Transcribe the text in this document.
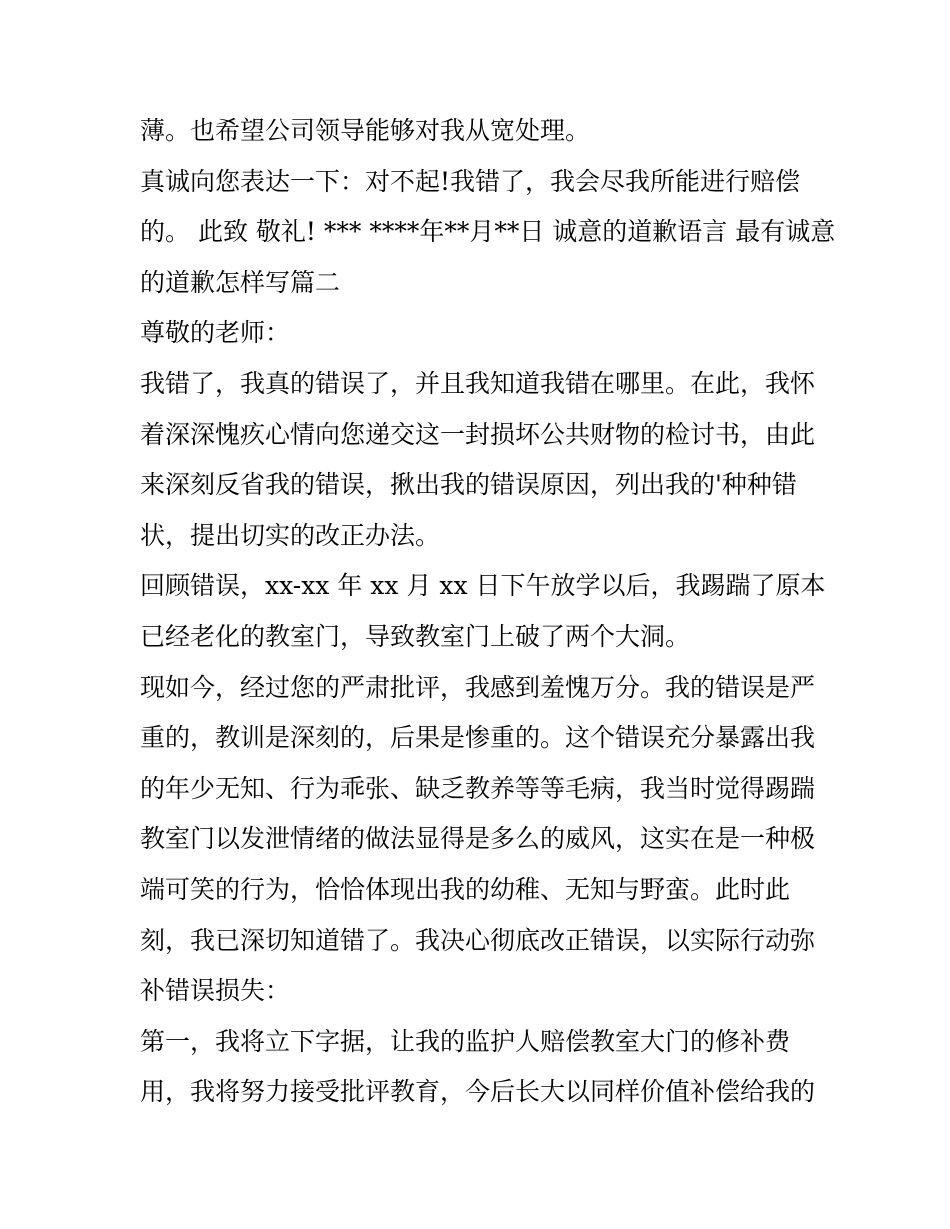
薄。也希望公司领导能够对我从宽处理。
真诚向您表达一下：对不起!我错了，我会尽我所能进行赔偿
的。 此致 敬礼! *** ****年**月**日 诚意的道歉语言 最有诚意
的道歉怎样写篇二
尊敬的老师：
我错了，我真的错误了，并且我知道我错在哪里。在此，我怀
着深深愧疚心情向您递交这一封损坏公共财物的检讨书，由此
来深刻反省我的错误，揪出我的错误原因，列出我的'种种错
状，提出切实的改正办法。
回顾错误，xx-xx 年 xx 月 xx 日下午放学以后，我踢踹了原本
已经老化的教室门，导致教室门上破了两个大洞。
现如今，经过您的严肃批评，我感到羞愧万分。我的错误是严
重的，教训是深刻的，后果是惨重的。这个错误充分暴露出我
的年少无知、行为乖张、缺乏教养等等毛病，我当时觉得踢踹
教室门以发泄情绪的做法显得是多么的威风，这实在是一种极
端可笑的行为，恰恰体现出我的幼稚、无知与野蛮。此时此
刻，我已深切知道错了。我决心彻底改正错误，以实际行动弥
补错误损失：
第一，我将立下字据，让我的监护人赔偿教室大门的修补费
用，我将努力接受批评教育，今后长大以同样价值补偿给我的
